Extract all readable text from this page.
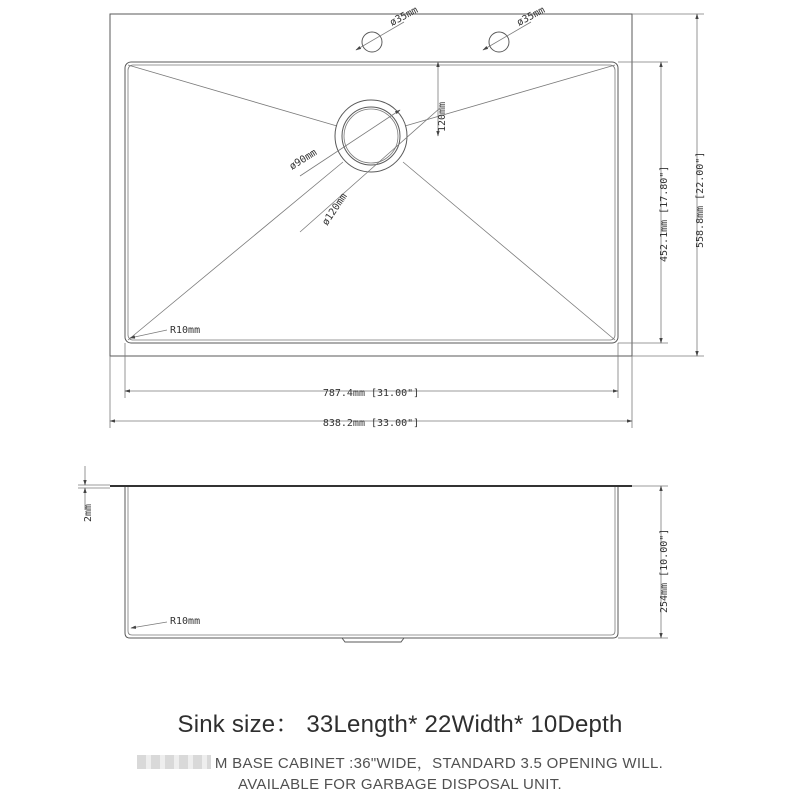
ø35mm	ø35mm
120mm
ø90mm
ø120mm
R10mm
452.1mm [17.80"]	558.8mm [22.00"]
787.4mm [31.00"]
838.2mm [33.00"]
2mm
R10mm
254mm [10.00"]
Sink size： 33Length* 22Width* 10Depth
M BASE CABINET :36"WIDE，STANDARD 3.5 OPENING WILL.
AVAILABLE FOR GARBAGE DISPOSAL UNIT.
